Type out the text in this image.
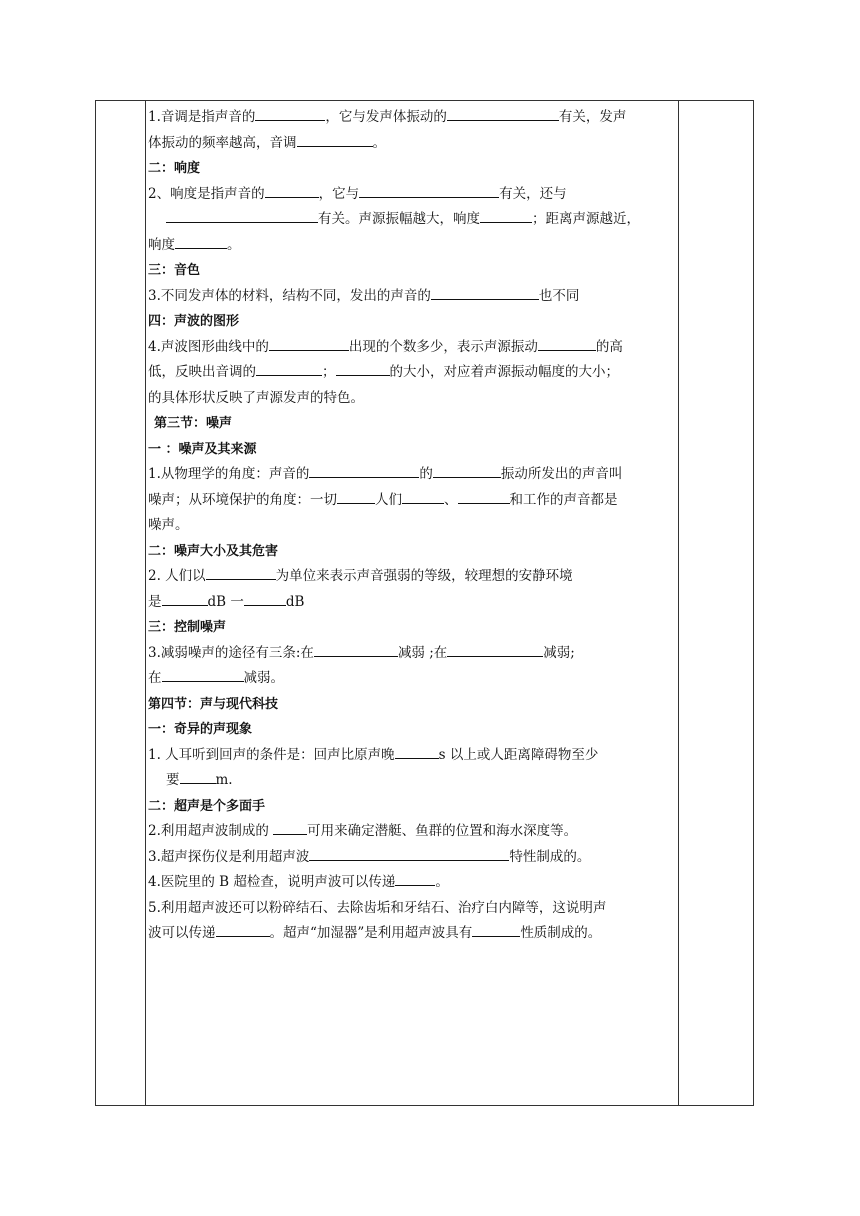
1.音调是指声音的	，它与发声体振动的	有关，发声
体振动的频率越高，音调	。
二：响度
2、响度是指声音的	，它与	有关，还与
有关。声源振幅越大，响度	；距离声源越近，
响度	。
三：音色
3.不同发声体的材料，结构不同，发出的声音的	也不同
四：声波的图形
4.声波图形曲线中的	出现的个数多少，表示声源振动	的高
低，反映出音调的	；	的大小，对应着声源振动幅度的大小；
的具体形状反映了声源发声的特色。
第三节：噪声
一 ：噪声及其来源
1.从物理学的角度：声音的	的	振动所发出的声音叫
噪声；从环境保护的角度：一切	人们	、	和工作的声音都是
噪声。
二：噪声大小及其危害
2. 人们以	为单位来表示声音强弱的等级，较理想的安静环境
是	dB 一	dB
三：控制噪声
3.减弱噪声的途径有三条:在	减弱 ;在	减弱;
在	减弱。
第四节：声与现代科技
一：奇异的声现象
1. 人耳听到回声的条件是：回声比原声晚	s 以上或人距离障碍物至少
要	m.
二：超声是个多面手
2.利用超声波制成的	可用来确定潜艇、鱼群的位置和海水深度等。
3.超声探伤仪是利用超声波	特性制成的。
4.医院里的 B 超检查，说明声波可以传递	。
5.利用超声波还可以粉碎结石、去除齿垢和牙结石、治疗白内障等，这说明声
波可以传递	。超声“加湿器”是利用超声波具有	性质制成的。
